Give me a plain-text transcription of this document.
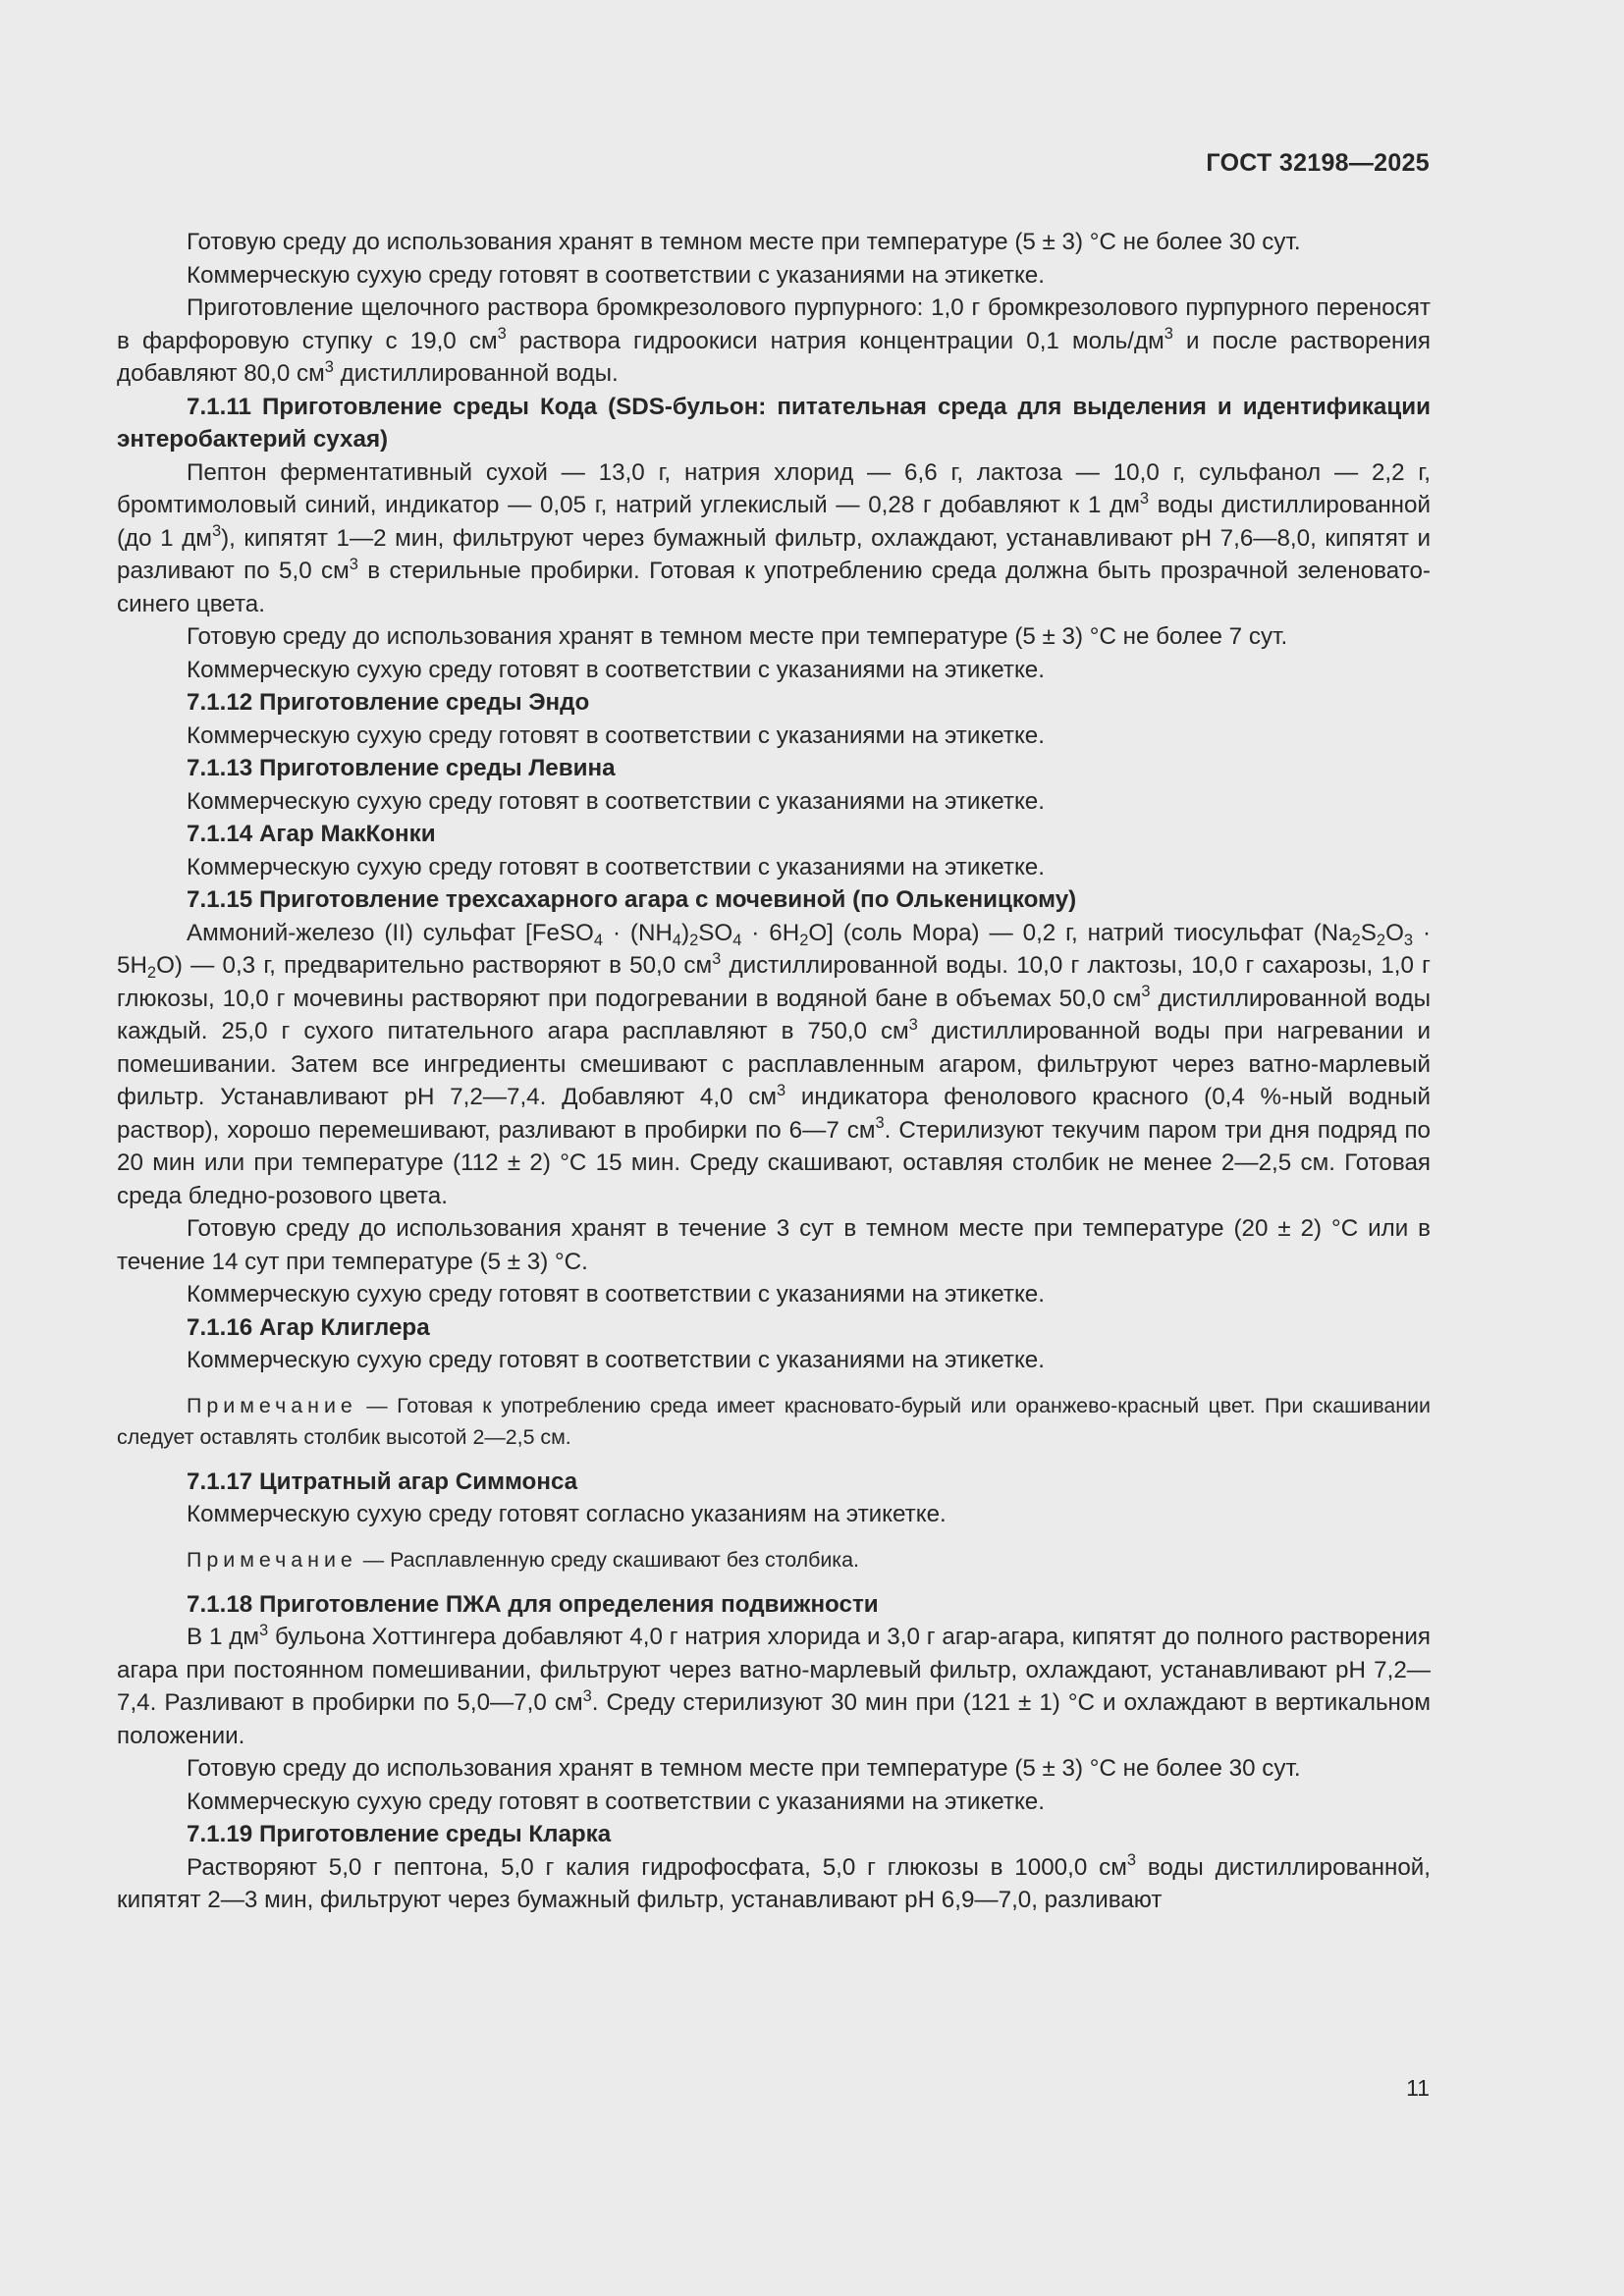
ГОСТ 32198—2025

Готовую среду до использования хранят в темном месте при температуре (5 ± 3) °С не более 30 сут.

Коммерческую сухую среду готовят в соответствии с указаниями на этикетке.

Приготовление щелочного раствора бромкрезолового пурпурного: 1,0 г бромкрезолового пурпурного переносят в фарфоровую ступку с 19,0 $см^3$ раствора гидроокиси натрия концентрации 0,1 моль/$дм^3$ и после растворения добавляют 80,0 $см^3$ дистиллированной воды.

7.1.11 Приготовление среды Кода (SDS-бульон: питательная среда для выделения и идентификации энтеробактерий сухая)

Пептон ферментативный сухой — 13,0 г, натрия хлорид — 6,6 г, лактоза — 10,0 г, сульфанол — 2,2 г, бромтимоловый синий, индикатор — 0,05 г, натрий углекислый — 0,28 г добавляют к 1 $дм^3$ воды дистиллированной (до 1 $дм^3$), кипятят 1—2 мин, фильтруют через бумажный фильтр, охлаждают, устанавливают рН 7,6—8,0, кипятят и разливают по 5,0 $см^3$ в стерильные пробирки. Готовая к употреблению среда должна быть прозрачной зеленовато-синего цвета.

Готовую среду до использования хранят в темном месте при температуре (5 ± 3) °С не более 7 сут.

Коммерческую сухую среду готовят в соответствии с указаниями на этикетке.

7.1.12 Приготовление среды Эндо

Коммерческую сухую среду готовят в соответствии с указаниями на этикетке.

7.1.13 Приготовление среды Левина

Коммерческую сухую среду готовят в соответствии с указаниями на этикетке.

7.1.14 Агар МакКонки

Коммерческую сухую среду готовят в соответствии с указаниями на этикетке.

7.1.15 Приготовление трехсахарного агара с мочевиной (по Олькеницкому)

Аммоний-железо (II) сульфат [FeSO$_4$ · $(NH_4)_2SO_4 \cdot 6H_2O$] (соль Мора) — 0,2 г, натрий тиосульфат $(Na_2S_2O_3 \cdot 5H_2O)$ — 0,3 г, предварительно растворяют в 50,0 $см^3$ дистиллированной воды. 10,0 г лактозы, 10,0 г сахарозы, 1,0 г глюкозы, 10,0 г мочевины растворяют при подогревании в водяной бане в объемах 50,0 $см^3$ дистиллированной воды каждый. 25,0 г сухого питательного агара расплавляют в 750,0 $см^3$ дистиллированной воды при нагревании и помешивании. Затем все ингредиенты смешивают с расплавленным агаром, фильтруют через ватно-марлевый фильтр. Устанавливают рН 7,2—7,4. Добавляют 4,0 $см^3$ индикатора фенолового красного (0,4 %-ный водный раствор), хорошо перемешивают, разливают в пробирки по 6—7 $см^3$. Стерилизуют текучим паром три дня подряд по 20 мин или при температуре (112 ± 2) °С 15 мин. Среду скашивают, оставляя столбик не менее 2—2,5 см. Готовая среда бледно-розового цвета.

Готовую среду до использования хранят в течение 3 сут в темном месте при температуре (20 ± 2) °С или в течение 14 сут при температуре (5 ± 3) °С.

Коммерческую сухую среду готовят в соответствии с указаниями на этикетке.

7.1.16 Агар Клиглера

Коммерческую сухую среду готовят в соответствии с указаниями на этикетке.

Примечание — Готовая к употреблению среда имеет красновато-бурый или оранжево-красный цвет. При скашивании следует оставлять столбик высотой 2—2,5 см.

7.1.17 Цитратный агар Симмонса

Коммерческую сухую среду готовят согласно указаниям на этикетке.

Примечание — Расплавленную среду скашивают без столбика.

7.1.18 Приготовление ПЖА для определения подвижности

В 1 $дм^3$ бульона Хоттингера добавляют 4,0 г натрия хлорида и 3,0 г агар-агара, кипятят до полного растворения агара при постоянном помешивании, фильтруют через ватно-марлевый фильтр, охлаждают, устанавливают рН 7,2—7,4. Разливают в пробирки по 5,0—7,0 $см^3$. Среду стерилизуют 30 мин при (121 ± 1) °С и охлаждают в вертикальном положении.

Готовую среду до использования хранят в темном месте при температуре (5 ± 3) °С не более 30 сут.

Коммерческую сухую среду готовят в соответствии с указаниями на этикетке.

7.1.19 Приготовление среды Кларка

Растворяют 5,0 г пептона, 5,0 г калия гидрофосфата, 5,0 г глюкозы в 1000,0 $см^3$ воды дистиллированной, кипятят 2—3 мин, фильтруют через бумажный фильтр, устанавливают рН 6,9—7,0, разливают

11
